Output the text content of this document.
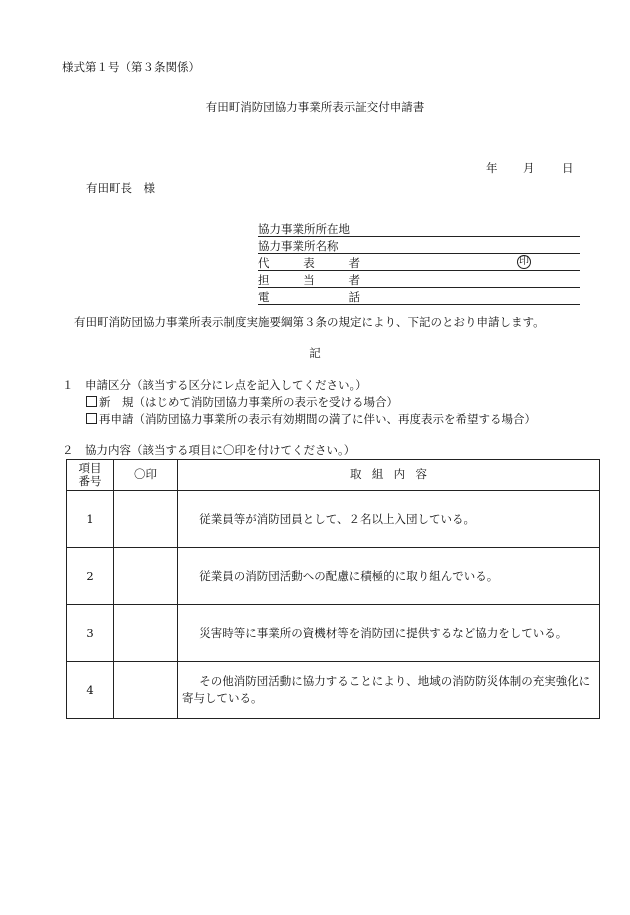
様式第１号（第３条関係）
有田町消防団協力事業所表示証交付申請書
年 月 日
有田町長　様
協力事業所所在地
協力事業所名称
代	表	者	印
担	当	者
電	話
有田町消防団協力事業所表示制度実施要綱第３条の規定により、下記のとおり申請します。
記
１　申請区分（該当する区分にレ点を記入してください。）
新　規（はじめて消防団協力事業所の表示を受ける場合）
再申請（消防団協力事業所の表示有効期間の満了に伴い、再度表示を希望する場合）
２　協力内容（該当する項目に〇印を付けてください。）
項目
番号	〇印	取組内容
1		従業員等が消防団員として、２名以上入団している。

2		従業員の消防団活動への配慮に積極的に取り組んでいる。

3		災害時等に事業所の資機材等を消防団に提供するなど協力をしている。

4		その他消防団活動に協力することにより、地域の消防防災体制の充実強化に寄与している。
